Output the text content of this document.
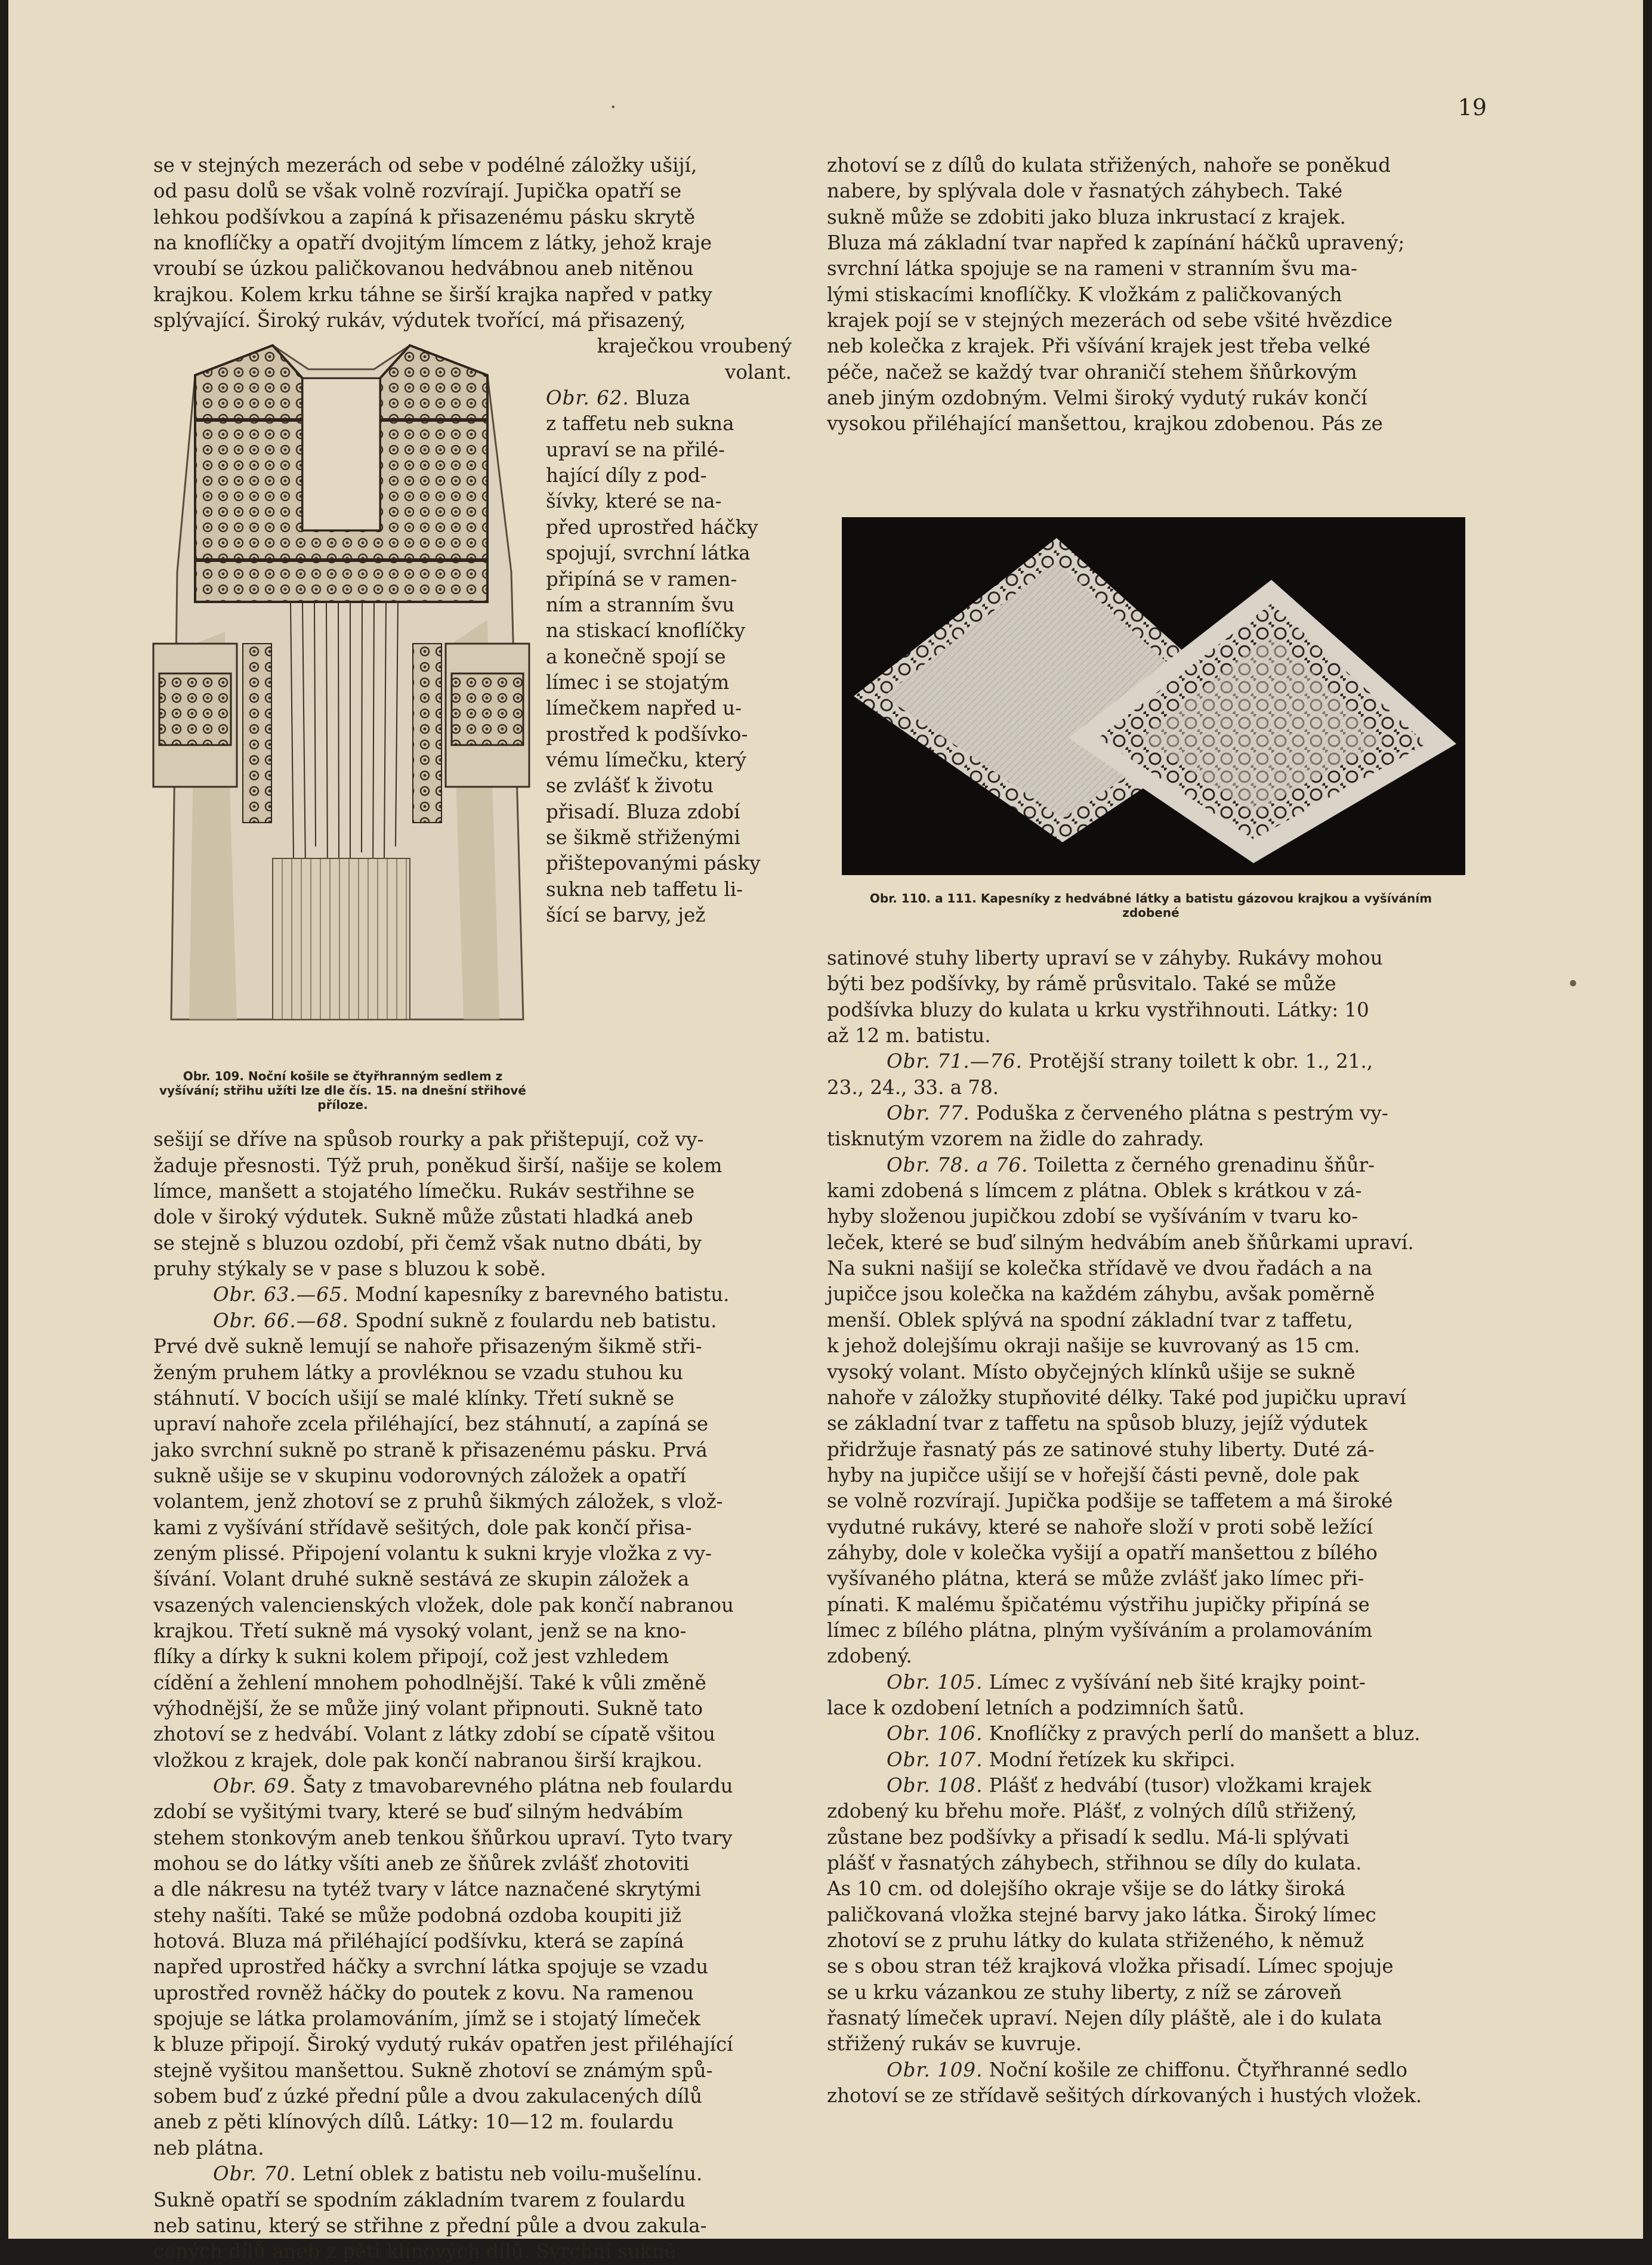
19
·
•

se v stejných mezerách od sebe v podélné záložky ušijí,
od pasu dolů se však volně rozvírají. Jupička opatří se
lehkou podšívkou a zapíná k přisazenému pásku skrytě
na knoflíčky a opatří dvojitým límcem z látky, jehož kraje
vroubí se úzkou paličkovanou hedvábnou aneb nitěnou
krajkou. Kolem krku táhne se širší krajka napřed v patky
splývající. Široký rukáv, výdutek tvořící, má přisazený,

Obr. 109. Noční košile se čtyřhranným sedlem z vyšívání; střihu užíti lze dle čís. 15. na dnešní střihové příloze.
kraječkou vroubený
volant.

Obr. 62. Bluza
z taffetu neb sukna
upraví se na přilé-
hající díly z pod-
šívky, které se na-
před uprostřed háčky
spojují, svrchní látka
připíná se v ramen-
ním a stranním švu
na stiskací knoflíčky
a konečně spojí se
límec i se stojatým
límečkem napřed u-
prostřed k podšívko-
vému límečku, který
se zvlášť k životu
přisadí. Bluza zdobí
se šikmě střiženými
přištepovanými pásky
sukna neb taffetu li-
šící se barvy, jež

sešijí se dříve na spůsob rourky a pak přištepují, což vy-
žaduje přesnosti. Týž pruh, poněkud širší, našije se kolem
límce, manšett a stojatého límečku. Rukáv sestřihne se
dole v široký výdutek. Sukně může zůstati hladká aneb
se stejně s bluzou ozdobí, při čemž však nutno dbáti, by
pruhy stýkaly se v pase s bluzou k sobě.

Obr. 63.—65. Modní kapesníky z barevného batistu.

Obr. 66.—68. Spodní sukně z foulardu neb batistu.
Prvé dvě sukně lemují se nahoře přisazeným šikmě stři-
ženým pruhem látky a provléknou se vzadu stuhou ku
stáhnutí. V bocích ušijí se malé klínky. Třetí sukně se
upraví nahoře zcela přiléhající, bez stáhnutí, a zapíná se
jako svrchní sukně po straně k přisazenému pásku. Prvá
sukně ušije se v skupinu vodorovných záložek a opatří
volantem, jenž zhotoví se z pruhů šikmých záložek, s vlož-
kami z vyšívání střídavě sešitých, dole pak končí přisa-
zeným plissé. Připojení volantu k sukni kryje vložka z vy-
šívání. Volant druhé sukně sestává ze skupin záložek a
vsazených valencienských vložek, dole pak končí nabranou
krajkou. Třetí sukně má vysoký volant, jenž se na kno-
flíky a dírky k sukni kolem připojí, což jest vzhledem
cídění a žehlení mnohem pohodlnější. Také k vůli změně
výhodnější, že se může jiný volant připnouti. Sukně tato
zhotoví se z hedvábí. Volant z látky zdobí se cípatě všitou
vložkou z krajek, dole pak končí nabranou širší krajkou.

Obr. 69. Šaty z tmavobarevného plátna neb foulardu
zdobí se vyšitými tvary, které se buď silným hedvábím
stehem stonkovým aneb tenkou šňůrkou upraví. Tyto tvary
mohou se do látky všíti aneb ze šňůrek zvlášť zhotoviti
a dle nákresu na tytéž tvary v látce naznačené skrytými
stehy našíti. Také se může podobná ozdoba koupiti již
hotová. Bluza má přiléhající podšívku, která se zapíná
napřed uprostřed háčky a svrchní látka spojuje se vzadu
uprostřed rovněž háčky do poutek z kovu. Na ramenou
spojuje se látka prolamováním, jímž se i stojatý límeček
k bluze připojí. Široký vydutý rukáv opatřen jest přiléhající
stejně vyšitou manšettou. Sukně zhotoví se známým spů-
sobem buď z úzké přední půle a dvou zakulacených dílů
aneb z pěti klínových dílů. Látky: 10—12 m. foulardu
neb plátna.

Obr. 70. Letní oblek z batistu neb voilu-mušelínu.
Sukně opatří se spodním základním tvarem z foulardu
neb satinu, který se střihne z přední půle a dvou zakula-
cených dílů aneb z pěti klínových dílů. Svrchní sukně

zhotoví se z dílů do kulata střižených, nahoře se poněkud
nabere, by splývala dole v řasnatých záhybech. Také
sukně může se zdobiti jako bluza inkrustací z krajek.
Bluza má základní tvar napřed k zapínání háčků upravený;
svrchní látka spojuje se na rameni v stranním švu ma-
lými stiskacími knoflíčky. K vložkám z paličkovaných
krajek pojí se v stejných mezerách od sebe všité hvězdice
neb kolečka z krajek. Při všívání krajek jest třeba velké
péče, načež se každý tvar ohraničí stehem šňůrkovým
aneb jiným ozdobným. Velmi široký vydutý rukáv končí
vysokou přiléhající manšettou, krajkou zdobenou. Pás ze

Obr. 110. a 111. Kapesníky z hedvábné látky a batistu gázovou krajkou a vyšíváním zdobené

satinové stuhy liberty upraví se v záhyby. Rukávy mohou
býti bez podšívky, by rámě průsvitalo. Také se může
podšívka bluzy do kulata u krku vystřihnouti. Látky: 10
až 12 m. batistu.

Obr. 71.—76. Protější strany toilett k obr. 1., 21.,
23., 24., 33. a 78.

Obr. 77. Poduška z červeného plátna s pestrým vy-
tisknutým vzorem na židle do zahrady.

Obr. 78. a 76. Toiletta z černého grenadinu šňůr-
kami zdobená s límcem z plátna. Oblek s krátkou v zá-
hyby složenou jupičkou zdobí se vyšíváním v tvaru ko-
leček, které se buď silným hedvábím aneb šňůrkami upraví.
Na sukni našijí se kolečka střídavě ve dvou řadách a na
jupičce jsou kolečka na každém záhybu, avšak poměrně
menší. Oblek splývá na spodní základní tvar z taffetu,
k jehož dolejšímu okraji našije se kuvrovaný as 15 cm.
vysoký volant. Místo obyčejných klínků ušije se sukně
nahoře v záložky stupňovité délky. Také pod jupičku upraví
se základní tvar z taffetu na spůsob bluzy, jejíž výdutek
přidržuje řasnatý pás ze satinové stuhy liberty. Duté zá-
hyby na jupičce ušijí se v hořejší části pevně, dole pak
se volně rozvírají. Jupička podšije se taffetem a má široké
vydutné rukávy, které se nahoře složí v proti sobě ležící
záhyby, dole v kolečka vyšijí a opatří manšettou z bílého
vyšívaného plátna, která se může zvlášť jako límec při-
pínati. K malému špičatému výstřihu jupičky připíná se
límec z bílého plátna, plným vyšíváním a prolamováním
zdobený.

Obr. 105. Límec z vyšívání neb šité krajky point-
lace k ozdobení letních a podzimních šatů.

Obr. 106. Knoflíčky z pravých perlí do manšett a bluz.

Obr. 107. Modní řetízek ku skřipci.

Obr. 108. Plášť z hedvábí (tusor) vložkami krajek
zdobený ku břehu moře. Plášť, z volných dílů střižený,
zůstane bez podšívky a přisadí k sedlu. Má-li splývati
plášť v řasnatých záhybech, střihnou se díly do kulata.
As 10 cm. od dolejšího okraje všije se do látky široká
paličkovaná vložka stejné barvy jako látka. Široký límec
zhotoví se z pruhu látky do kulata střiženého, k němuž
se s obou stran též krajková vložka přisadí. Límec spojuje
se u krku vázankou ze stuhy liberty, z níž se zároveň
řasnatý límeček upraví. Nejen díly pláště, ale i do kulata
střižený rukáv se kuvruje.

Obr. 109. Noční košile ze chiffonu. Čtyřhranné sedlo
zhotoví se ze střídavě sešitých dírkovaných i hustých vložek.
